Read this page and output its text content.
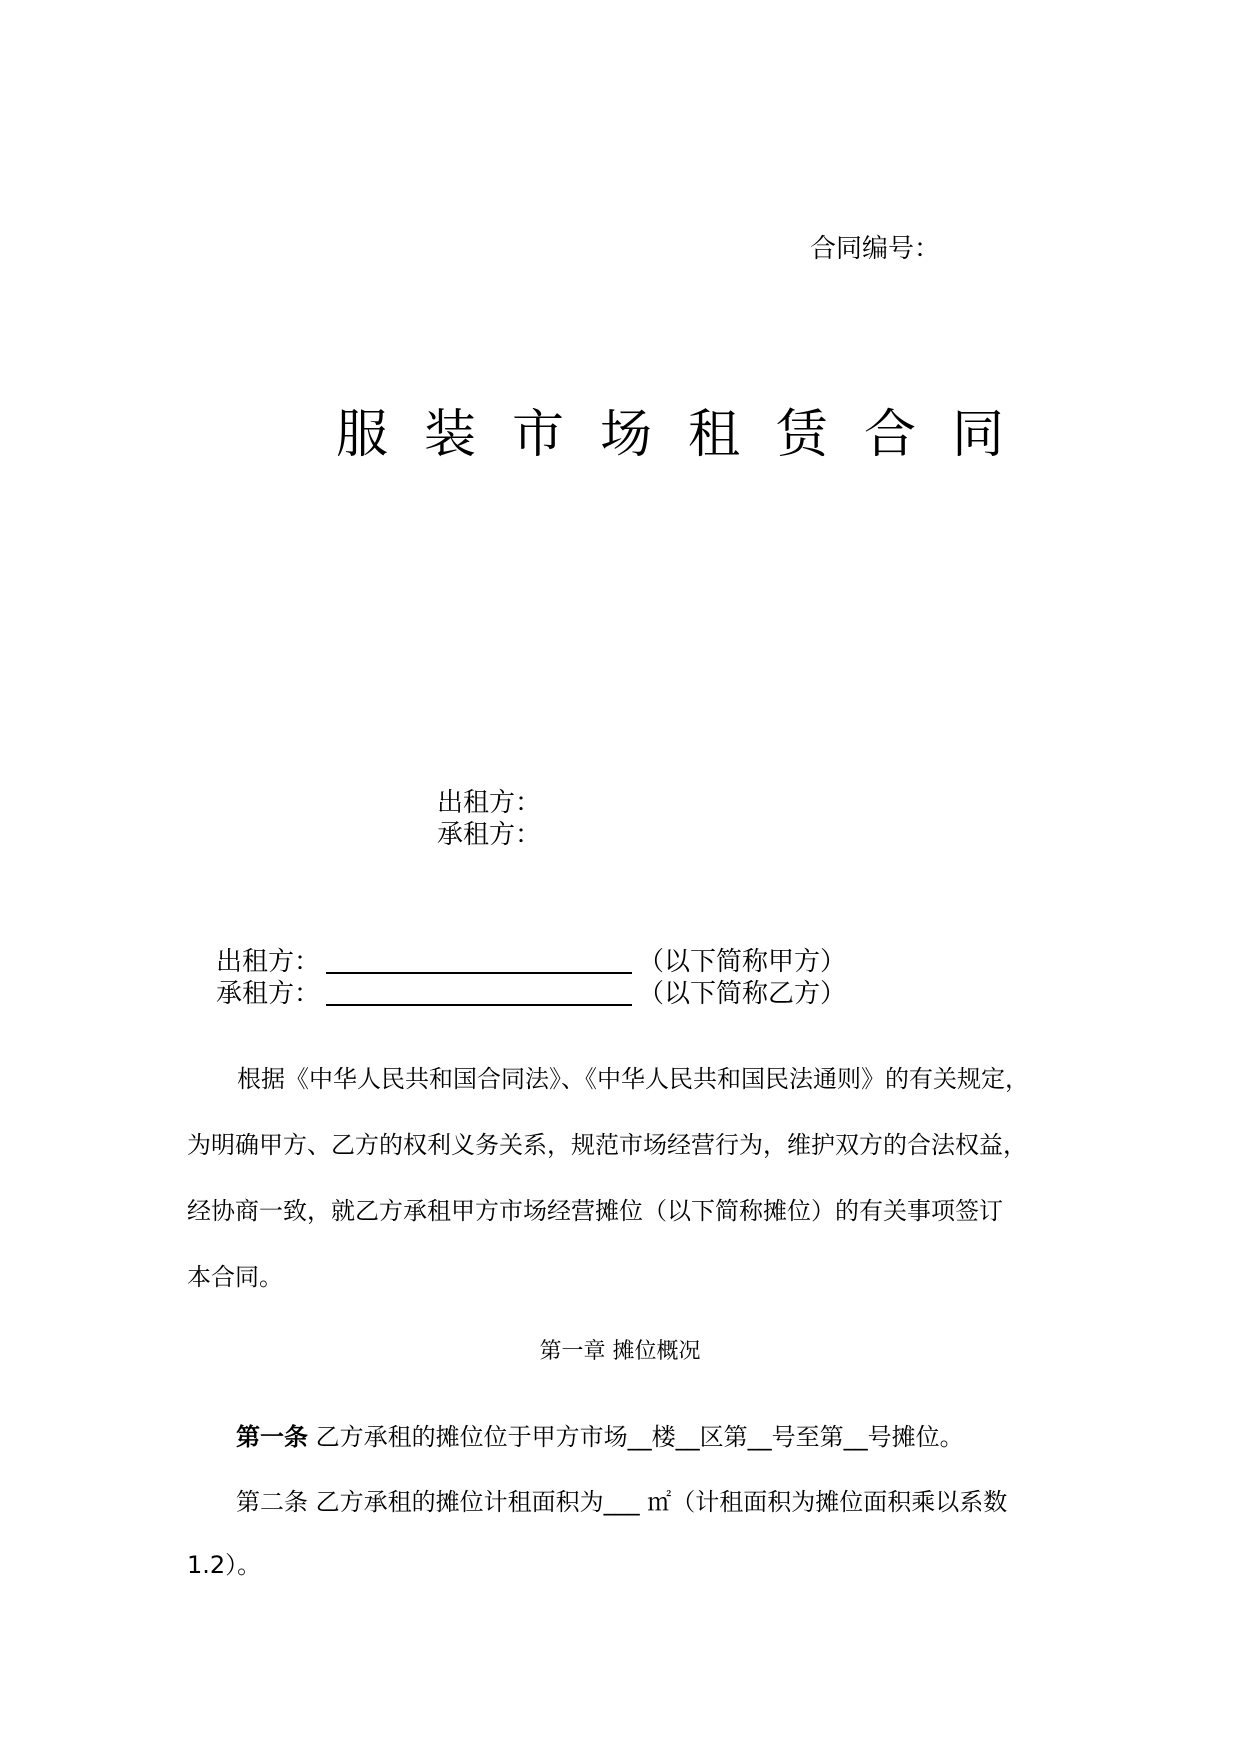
合同编号：
服装市场租赁合同
出租方：
承租方：
出租方：	（以下简称甲方）
承租方：	（以下简称乙方）
根据《中华人民共和国合同法》、《中华人民共和国民法通则》的有关规定，
为明确甲方、乙方的权利义务关系，规范市场经营行为，维护双方的合法权益，
经协商一致，就乙方承租甲方市场经营摊位（以下简称摊位）的有关事项签订
本合同。
第一章 摊位概况
第一条 乙方承租的摊位位于甲方市场__楼__区第__号至第__号摊位。
第二条 乙方承租的摊位计租面积为___ ㎡（计租面积为摊位面积乘以系数
1.2）。
